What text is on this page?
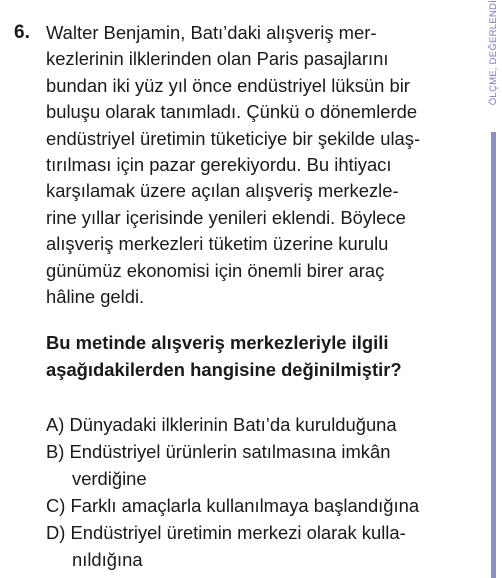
6. Walter Benjamin, Batı’daki alışveriş mer-
kezlerinin ilklerinden olan Paris pasajlarını
bundan iki yüz yıl önce endüstriyel lüksün bir
buluşu olarak tanımladı. Çünkü o dönemlerde
endüstriyel üretimin tüketiciye bir şekilde ulaş-
tırılması için pazar gerekiyordu. Bu ihtiyacı
karşılamak üzere açılan alışveriş merkezle-
rine yıllar içerisinde yenileri eklendi. Böylece
alışveriş merkezleri tüketim üzerine kurulu
günümüz ekonomisi için önemli birer araç
hâline geldi.
Bu metinde alışveriş merkezleriyle ilgili
aşağıdakilerden hangisine değinilmiştir?
A) Dünyadaki ilklerinin Batı’da kurulduğuna
B) Endüstriyel ürünlerin satılmasına imkân
verdiğine
C) Farklı amaçlarla kullanılmaya başlandığına
D) Endüstriyel üretimin merkezi olarak kulla-
nıldığına
ÖLÇME, DEĞERLENDİ
